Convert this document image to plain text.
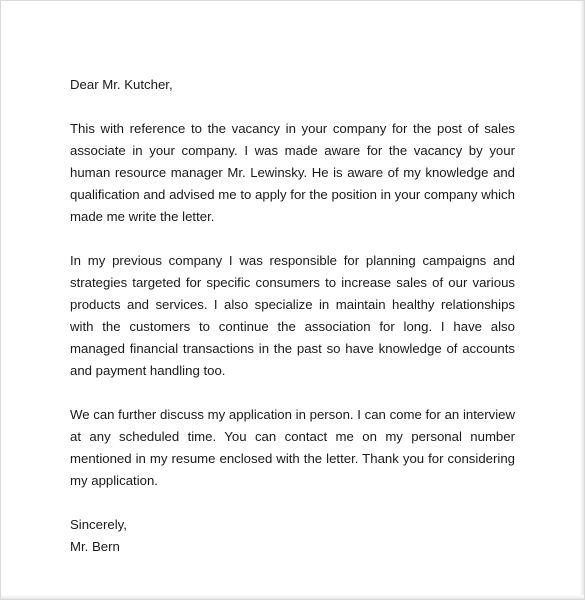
Dear Mr. Kutcher,

This with reference to the vacancy in your company for the post of sales associate in your company. I was made aware for the vacancy by your human resource manager Mr. Lewinsky. He is aware of my knowledge and qualification and advised me to apply for the position in your company which made me write the letter.

In my previous company I was responsible for planning campaigns and strategies targeted for specific consumers to increase sales of our various products and services. I also specialize in maintain healthy relationships with the customers to continue the association for long. I have also managed financial transactions in the past so have knowledge of accounts and payment handling too.

We can further discuss my application in person. I can come for an interview at any scheduled time. You can contact me on my personal number mentioned in my resume enclosed with the letter. Thank you for considering my application.

Sincerely,
Mr. Bern
